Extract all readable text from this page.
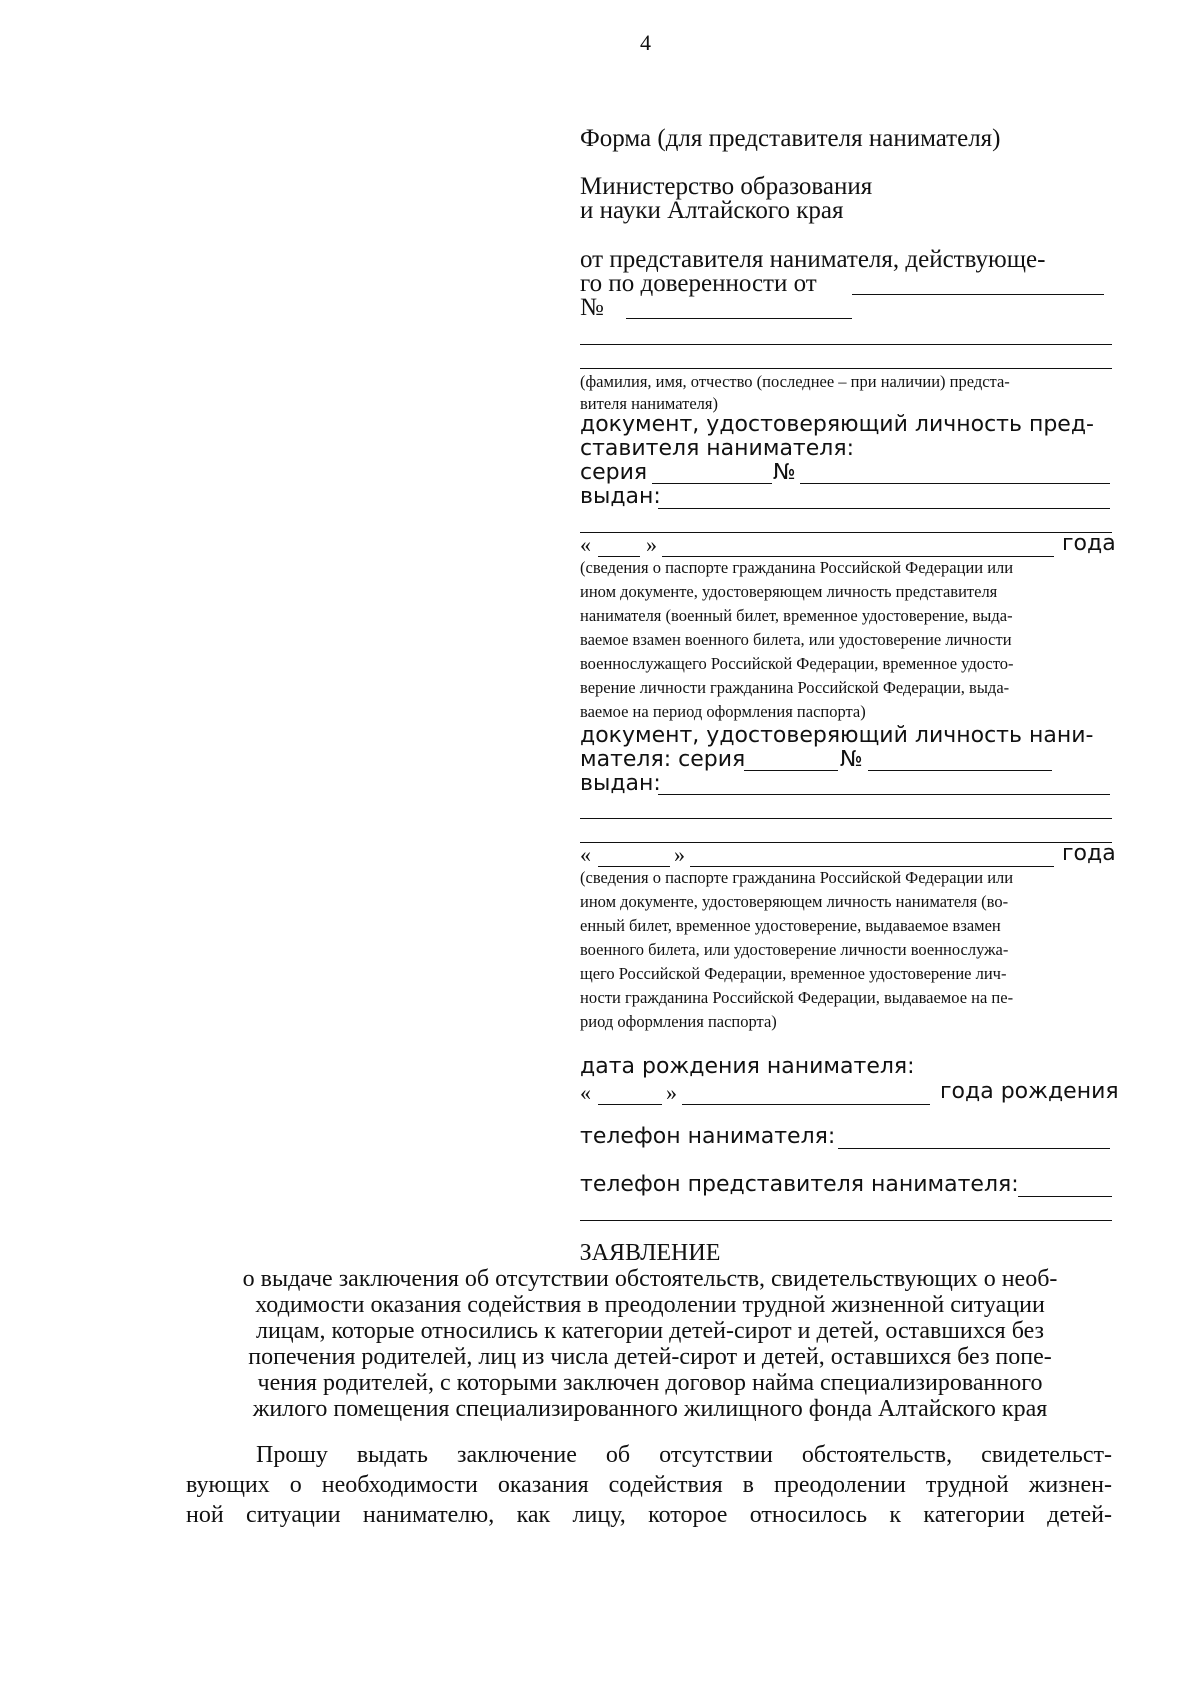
4
Форма (для представителя нанимателя)
Министерство образования
и науки Алтайского края
от представителя нанимателя, действующе-
го по доверенности от
№
(фамилия, имя, отчество (последнее – при наличии) предста-
вителя нанимателя)
документ, удостоверяющий личность пред-
ставителя нанимателя:
серия	№
выдан:
«	»	года
(сведения о паспорте гражданина Российской Федерации или
ином документе, удостоверяющем личность представителя
нанимателя (военный билет, временное удостоверение, выда-
ваемое взамен военного билета, или удостоверение личности
военнослужащего Российской Федерации, временное удосто-
верение личности гражданина Российской Федерации, выда-
ваемое на период оформления паспорта)
документ, удостоверяющий личность нани-
мателя: серия	№
выдан:
«	»	года
(сведения о паспорте гражданина Российской Федерации или
ином документе, удостоверяющем личность нанимателя (во-
енный билет, временное удостоверение, выдаваемое взамен
военного билета, или удостоверение личности военнослужа-
щего Российской Федерации, временное удостоверение лич-
ности гражданина Российской Федерации, выдаваемое на пе-
риод оформления паспорта)
дата рождения нанимателя:
«	»	года рождения
телефон нанимателя:
телефон представителя нанимателя:
ЗАЯВЛЕНИЕ
о выдаче заключения об отсутствии обстоятельств, свидетельствующих о необ-
ходимости оказания содействия в преодолении трудной жизненной ситуации
лицам, которые относились к категории детей-сирот и детей, оставшихся без
попечения родителей, лиц из числа детей-сирот и детей, оставшихся без попе-
чения родителей, с которыми заключен договор найма специализированного
жилого помещения специализированного жилищного фонда Алтайского края
Прошу выдать заключение об отсутствии обстоятельств, свидетельст-
вующих о необходимости оказания содействия в преодолении трудной жизнен-
ной ситуации нанимателю, как лицу, которое относилось к категории детей-
